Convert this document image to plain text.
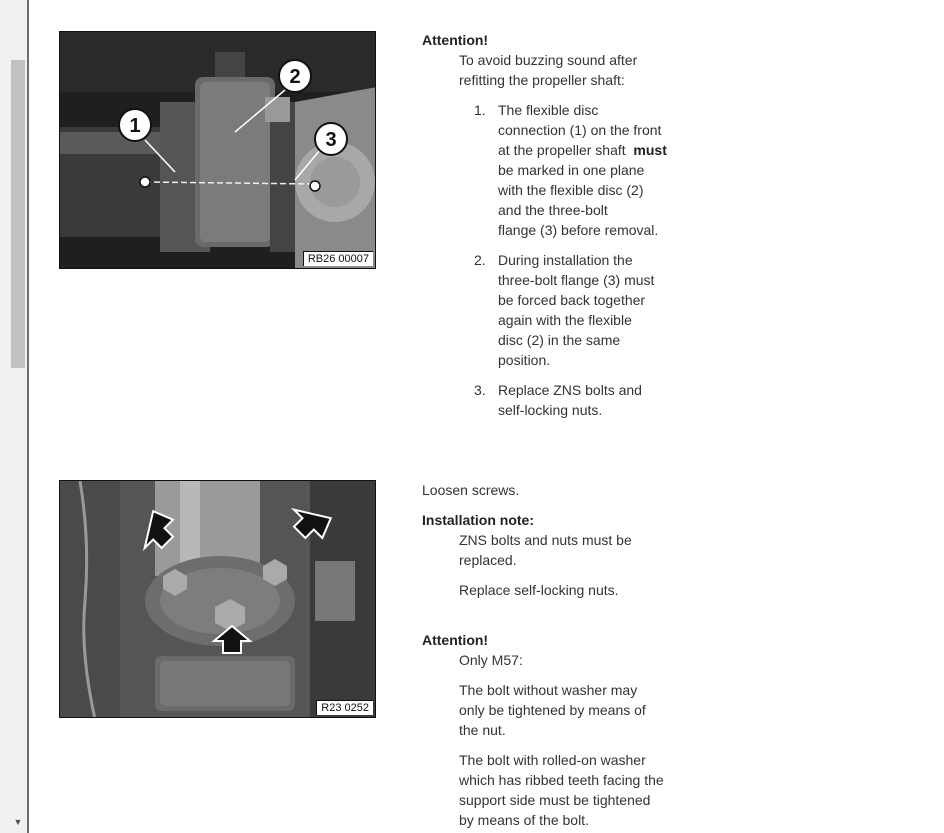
▼
1
2
3
RB26 00007
Attention!
To avoid buzzing sound after
refitting the propeller shaft:
1. The flexible disc
connection (1) on the front
at the propeller shaft must
be marked in one plane
with the flexible disc (2)
and the three-bolt
flange (3) before removal.
2. During installation the
three-bolt flange (3) must
be forced back together
again with the flexible
disc (2) in the same
position.
3. Replace ZNS bolts and
self-locking nuts.
R23 0252
Loosen screws.
Installation note:
ZNS bolts and nuts must be
replaced.
Replace self-locking nuts.
Attention!
Only M57:
The bolt without washer may
only be tightened by means of
the nut.
The bolt with rolled-on washer
which has ribbed teeth facing the
support side must be tightened
by means of the bolt.
